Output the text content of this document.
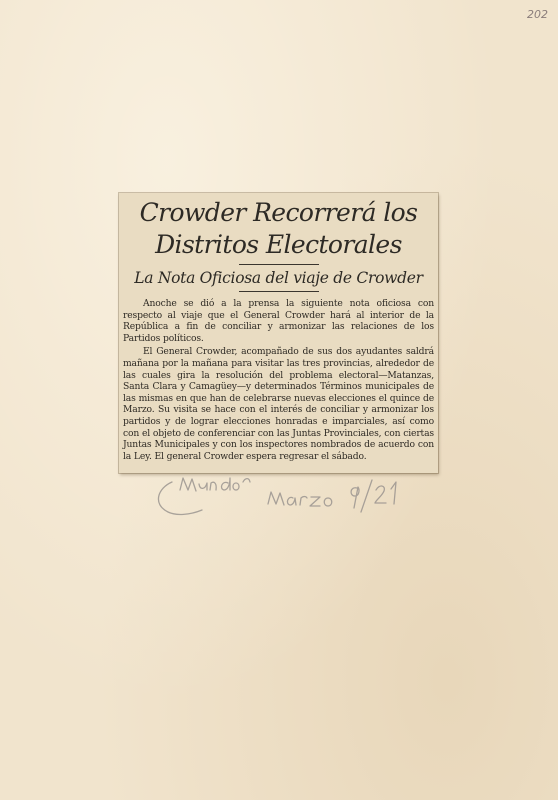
202
Crowder Recorrerá los
Distritos Electorales
La Nota Oficiosa del viaje de Crowder

Anoche se dió a la prensa la siguiente nota oficiosa con respecto al viaje que el General Crowder hará al interior de la República a fin de conciliar y armonizar las relaciones de los Partidos políticos.

El General Crowder, acompañado de sus dos ayudantes saldrá mañana por la mañana para visitar las tres provincias, alrededor de las cuales gira la resolución del problema electoral—Matanzas, Santa Clara y Camagüey—y determinados Términos municipales de las mismas en que han de celebrarse nuevas elecciones el quince de Marzo. Su visita se hace con el interés de conciliar y armonizar los partidos y de lograr elecciones honradas e imparciales, así como con el objeto de conferenciar con las Juntas Provinciales, con ciertas Juntas Municipales y con los inspectores nombrados de acuerdo con la Ley. El general Crowder espera regresar el sábado.
